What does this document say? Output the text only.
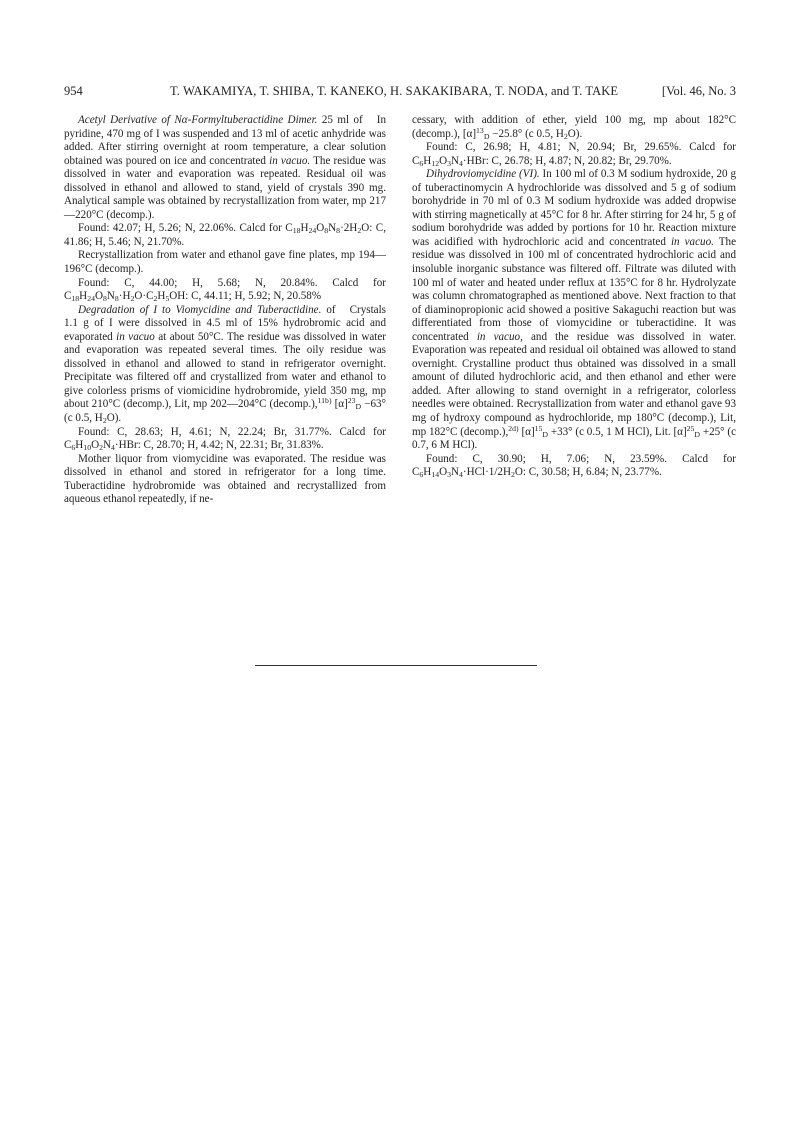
954	T. WAKAMIYA, T. SHIBA, T. KANEKO, H. SAKAKIBARA, T. NODA, and T. TAKE	[Vol. 46, No. 3

In
Acetyl Derivative of Nα-Formyltuberactidine Dimer. 25 ml of pyridine, 470 mg of I was suspended and 13 ml of acetic anhydride was added. After stirring overnight at room temperature, a clear solution obtained was poured on ice and concentrated in vacuo. The residue was dissolved in water and evaporation was repeated. Residual oil was dissolved in ethanol and allowed to stand, yield of crystals 390 mg. Analytical sample was obtained by recrystallization from water, mp 217—220°C (decomp.).

Found: 42.07; H, 5.26; N, 22.06%. Calcd for $C_{18}H_{24}O_8N_8\cdot 2H_2O$: C, 41.86; H, 5.46; N, 21.70%.

Recrystallization from water and ethanol gave fine plates, mp 194—196°C (decomp.).

Found: C, 44.00; H, 5.68; N, 20.84%. Calcd for $C_{18}H_{24}O_8N_8\cdot H_2O\cdot C_2H_5OH$: C, 44.11; H, 5.92; N, 20.58%

Crystals
Degradation of I to Viomycidine and Tuberactidine. of 1.1 g of I were dissolved in 4.5 ml of 15% hydrobromic acid and evaporated in vacuo at about 50°C. The residue was dissolved in water and evaporation was repeated several times. The oily residue was dissolved in ethanol and allowed to stand in refrigerator overnight. Precipitate was filtered off and crystallized from water and ethanol to give colorless prisms of viomicidine hydrobromide, yield 350 mg, mp about 210°C (decomp.), Lit, mp 202—204°C (decomp.),$^{11b)}$ $[\alpha]^{23}_D -63^\circ$ (c 0.5, $H_2O$).

Found: C, 28.63; H, 4.61; N, 22.24; Br, 31.77%. Calcd for $C_6H_{10}O_2N_4\cdot HBr$: C, 28.70; H, 4.42; N, 22.31; Br, 31.83%.

Mother liquor from viomycidine was evaporated. The residue was dissolved in ethanol and stored in refrigerator for a long time. Tuberactidine hydrobromide was obtained and recrystallized from aqueous ethanol repeatedly, if ne-

cessary, with addition of ether, yield 100 mg, mp about 182°C (decomp.), $[\alpha]^{13}_D -25.8^\circ$ (c 0.5, $H_2O$).

Found: C, 26.98; H, 4.81; N, 20.94; Br, 29.65%. Calcd for $C_6H_{12}O_3N_4\cdot HBr$: C, 26.78; H, 4.87; N, 20.82; Br, 29.70%.

Dihydroviomycidine (VI). In 100 ml of 0.3 M sodium hydroxide, 20 g of tuberactinomycin A hydrochloride was dissolved and 5 g of sodium borohydride in 70 ml of 0.3 M sodium hydroxide was added dropwise with stirring magnetically at 45°C for 8 hr. After stirring for 24 hr, 5 g of sodium borohydride was added by portions for 10 hr. Reaction mixture was acidified with hydrochloric acid and concentrated in vacuo. The residue was dissolved in 100 ml of concentrated hydrochloric acid and insoluble inorganic substance was filtered off. Filtrate was diluted with 100 ml of water and heated under reflux at 135°C for 8 hr. Hydrolyzate was column chromatographed as mentioned above. Next fraction to that of diaminopropionic acid showed a positive Sakaguchi reaction but was differentiated from those of viomycidine or tuberactidine. It was concentrated in vacuo, and the residue was dissolved in water. Evaporation was repeated and residual oil obtained was allowed to stand overnight. Crystalline product thus obtained was dissolved in a small amount of diluted hydrochloric acid, and then ethanol and ether were added. After allowing to stand overnight in a refrigerator, colorless needles were obtained. Recrystallization from water and ethanol gave 93 mg of hydroxy compound as hydrochloride, mp 180°C (decomp.), Lit, mp 182°C (decomp.),$^{2d)}$ $[\alpha]^{15}_D +33^\circ$ (c 0.5, 1 M HCl), Lit. $[\alpha]^{25}_D +25^\circ$ (c 0.7, 6 M HCl).

Found: C, 30.90; H, 7.06; N, 23.59%. Calcd for $C_6H_{14}O_3N_4\cdot HCl\cdot 1/2H_2O$: C, 30.58; H, 6.84; N, 23.77%.
